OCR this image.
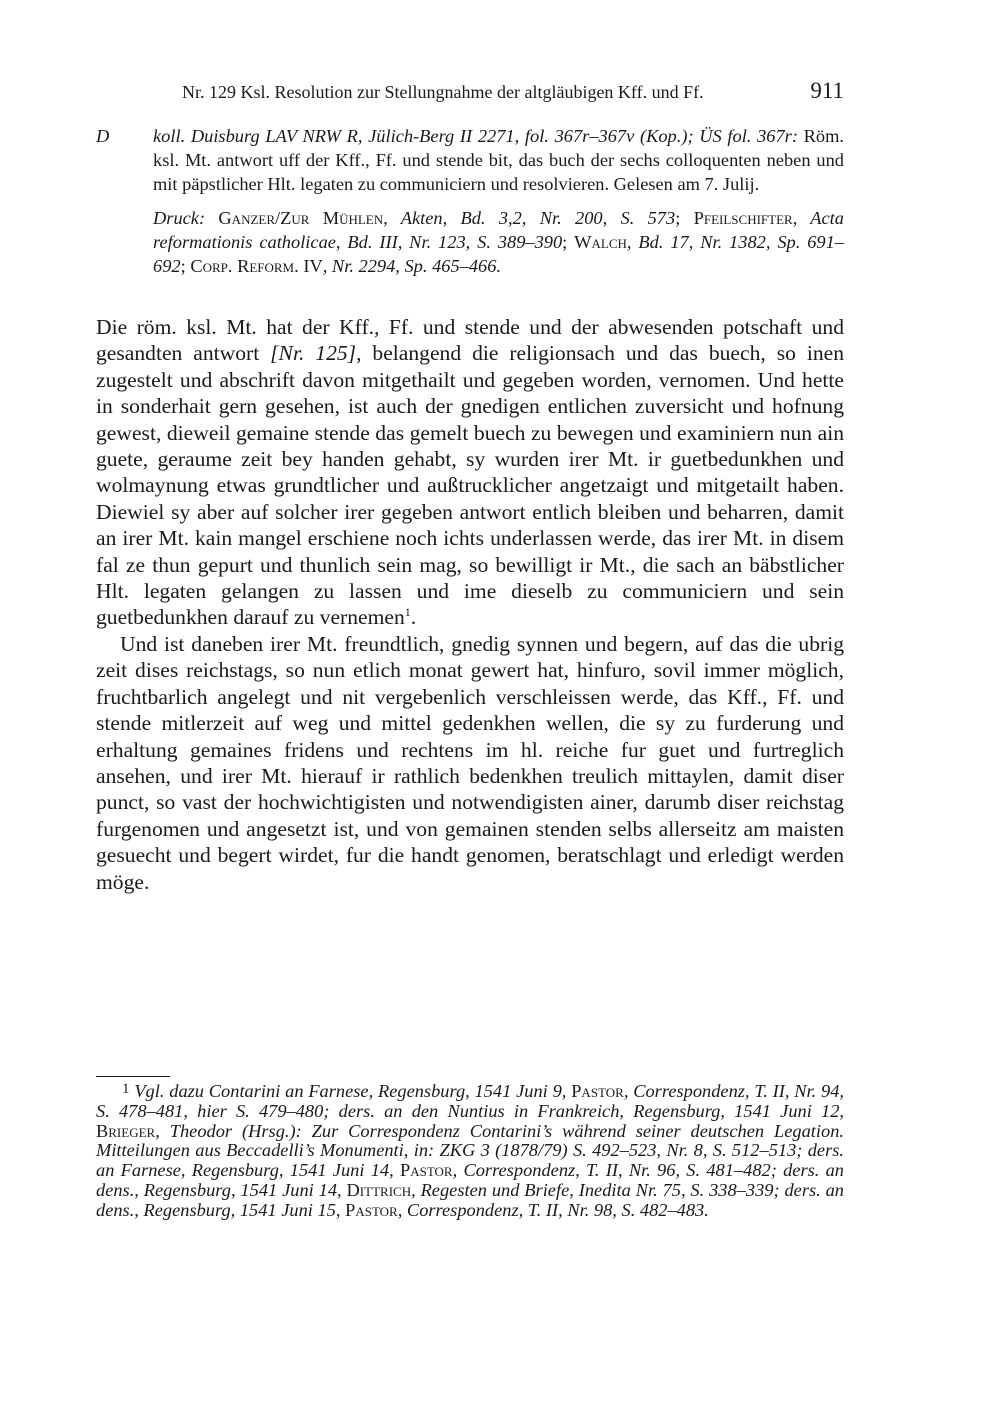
Nr. 129 Ksl. Resolution zur Stellungnahme der altgläubigen Kff. und Ff.	911
D koll. Duisburg LAV NRW R, Jülich-Berg II 2271, fol. 367r–367v (Kop.); ÜS fol. 367r: Röm. ksl. Mt. antwort uff der Kff., Ff. und stende bit, das buch der sechs colloquenten neben und mit päpstlicher Hlt. legaten zu communiciern und resolvieren. Gelesen am 7. Julij.
Druck: Ganzer/Zur Mühlen, Akten, Bd. 3,2, Nr. 200, S. 573; Pfeilschifter, Acta reformationis catholicae, Bd. III, Nr. 123, S. 389–390; Walch, Bd. 17, Nr. 1382, Sp. 691–692; Corp. Reform. IV, Nr. 2294, Sp. 465–466.

Die röm. ksl. Mt. hat der Kff., Ff. und stende und der abwesenden potschaft und gesandten antwort [Nr. 125], belangend die religionsach und das buech, so inen zugestelt und abschrift davon mitgethailt und gegeben worden, vernomen. Und hette in sonderhait gern gesehen, ist auch der gnedigen entlichen zuversicht und hofnung gewest, dieweil gemaine stende das gemelt buech zu bewegen und examiniern nun ain guete, geraume zeit bey handen gehabt, sy wurden irer Mt. ir guetbedunkhen und wolmaynung etwas grundtlicher und außtrucklicher angetzaigt und mitgetailt haben. Diewiel sy aber auf solcher irer gegeben antwort entlich bleiben und beharren, damit an irer Mt. kain mangel erschiene noch ichts underlassen werde, das irer Mt. in disem fal ze thun gepurt und thunlich sein mag, so bewilligt ir Mt., die sach an bäbstlicher Hlt. legaten gelangen zu lassen und ime dieselb zu communiciern und sein guetbedunkhen darauf zu vernemen$^1$.

Und ist daneben irer Mt. freundtlich, gnedig synnen und begern, auf das die ubrig zeit dises reichstags, so nun etlich monat gewert hat, hinfuro, sovil immer möglich, fruchtbarlich angelegt und nit vergebenlich verschleissen werde, das Kff., Ff. und stende mitlerzeit auf weg und mittel gedenkhen wellen, die sy zu furderung und erhaltung gemaines fridens und rechtens im hl. reiche fur guet und furtreglich ansehen, und irer Mt. hierauf ir rathlich bedenkhen treulich mittaylen, damit diser punct, so vast der hochwichtigisten und notwendigisten ainer, darumb diser reichstag furgenomen und angesetzt ist, und von gemainen stenden selbs allerseitz am maisten gesuecht und begert wirdet, fur die handt genomen, beratschlagt und erledigt werden möge.

$^1$ Vgl. dazu Contarini an Farnese, Regensburg, 1541 Juni 9, Pastor, Correspondenz, T. II, Nr. 94, S. 478–481, hier S. 479–480; ders. an den Nuntius in Frankreich, Regensburg, 1541 Juni 12, Brieger, Theodor (Hrsg.): Zur Correspondenz Contarini’s während seiner deutschen Legation. Mitteilungen aus Beccadelli’s Monumenti, in: ZKG 3 (1878/79) S. 492–523, Nr. 8, S. 512–513; ders. an Farnese, Regensburg, 1541 Juni 14, Pastor, Correspondenz, T. II, Nr. 96, S. 481–482; ders. an dens., Regensburg, 1541 Juni 14, Dittrich, Regesten und Briefe, Inedita Nr. 75, S. 338–339; ders. an dens., Regensburg, 1541 Juni 15, Pastor, Correspondenz, T. II, Nr. 98, S. 482–483.
